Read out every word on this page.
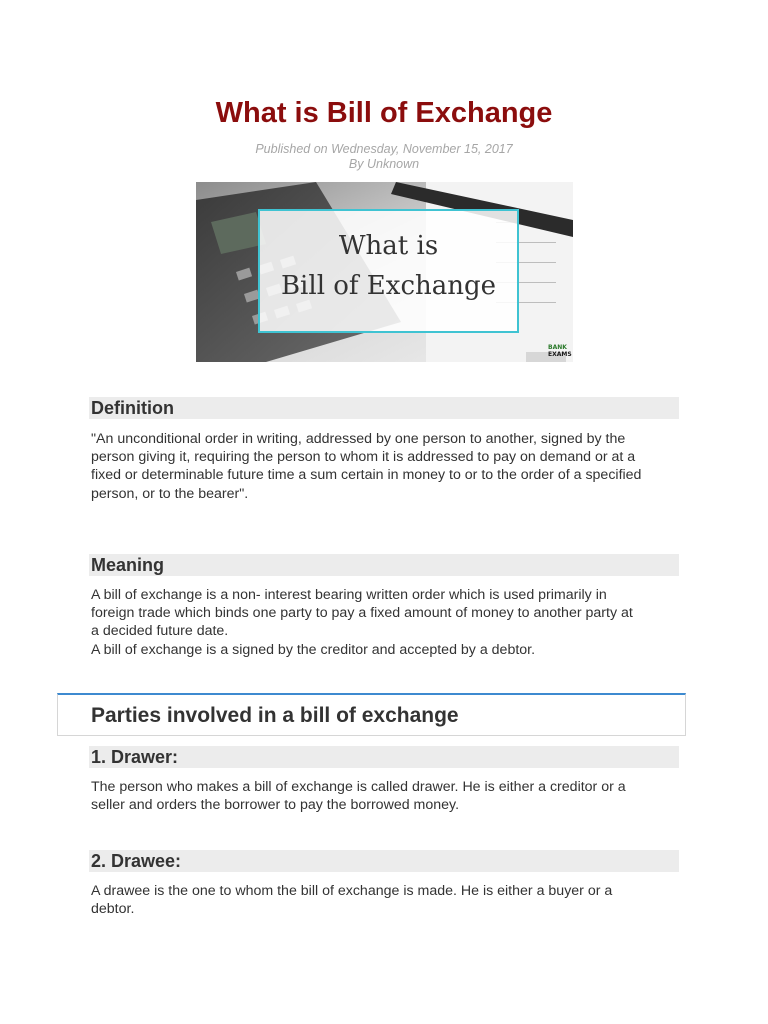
What is Bill of Exchange

Published on Wednesday, November 15, 2017

By Unknown

What is
Bill of Exchange
BANK
EXAMS
Definition

"An unconditional order in writing, addressed by one person to another, signed by the
person giving it, requiring the person to whom it is addressed to pay on demand or at a
fixed or determinable future time a sum certain in money to or to the order of a specified
person, or to the bearer".

Meaning

A bill of exchange is a non- interest bearing written order which is used primarily in
foreign trade which binds one party to pay a fixed amount of money to another party at
a decided future date.
A bill of exchange is a signed by the creditor and accepted by a debtor.

Parties involved in a bill of exchange
1. Drawer:

The person who makes a bill of exchange is called drawer. He is either a creditor or a
seller and orders the borrower to pay the borrowed money.

2. Drawee:

A drawee is the one to whom the bill of exchange is made. He is either a buyer or a
debtor.
